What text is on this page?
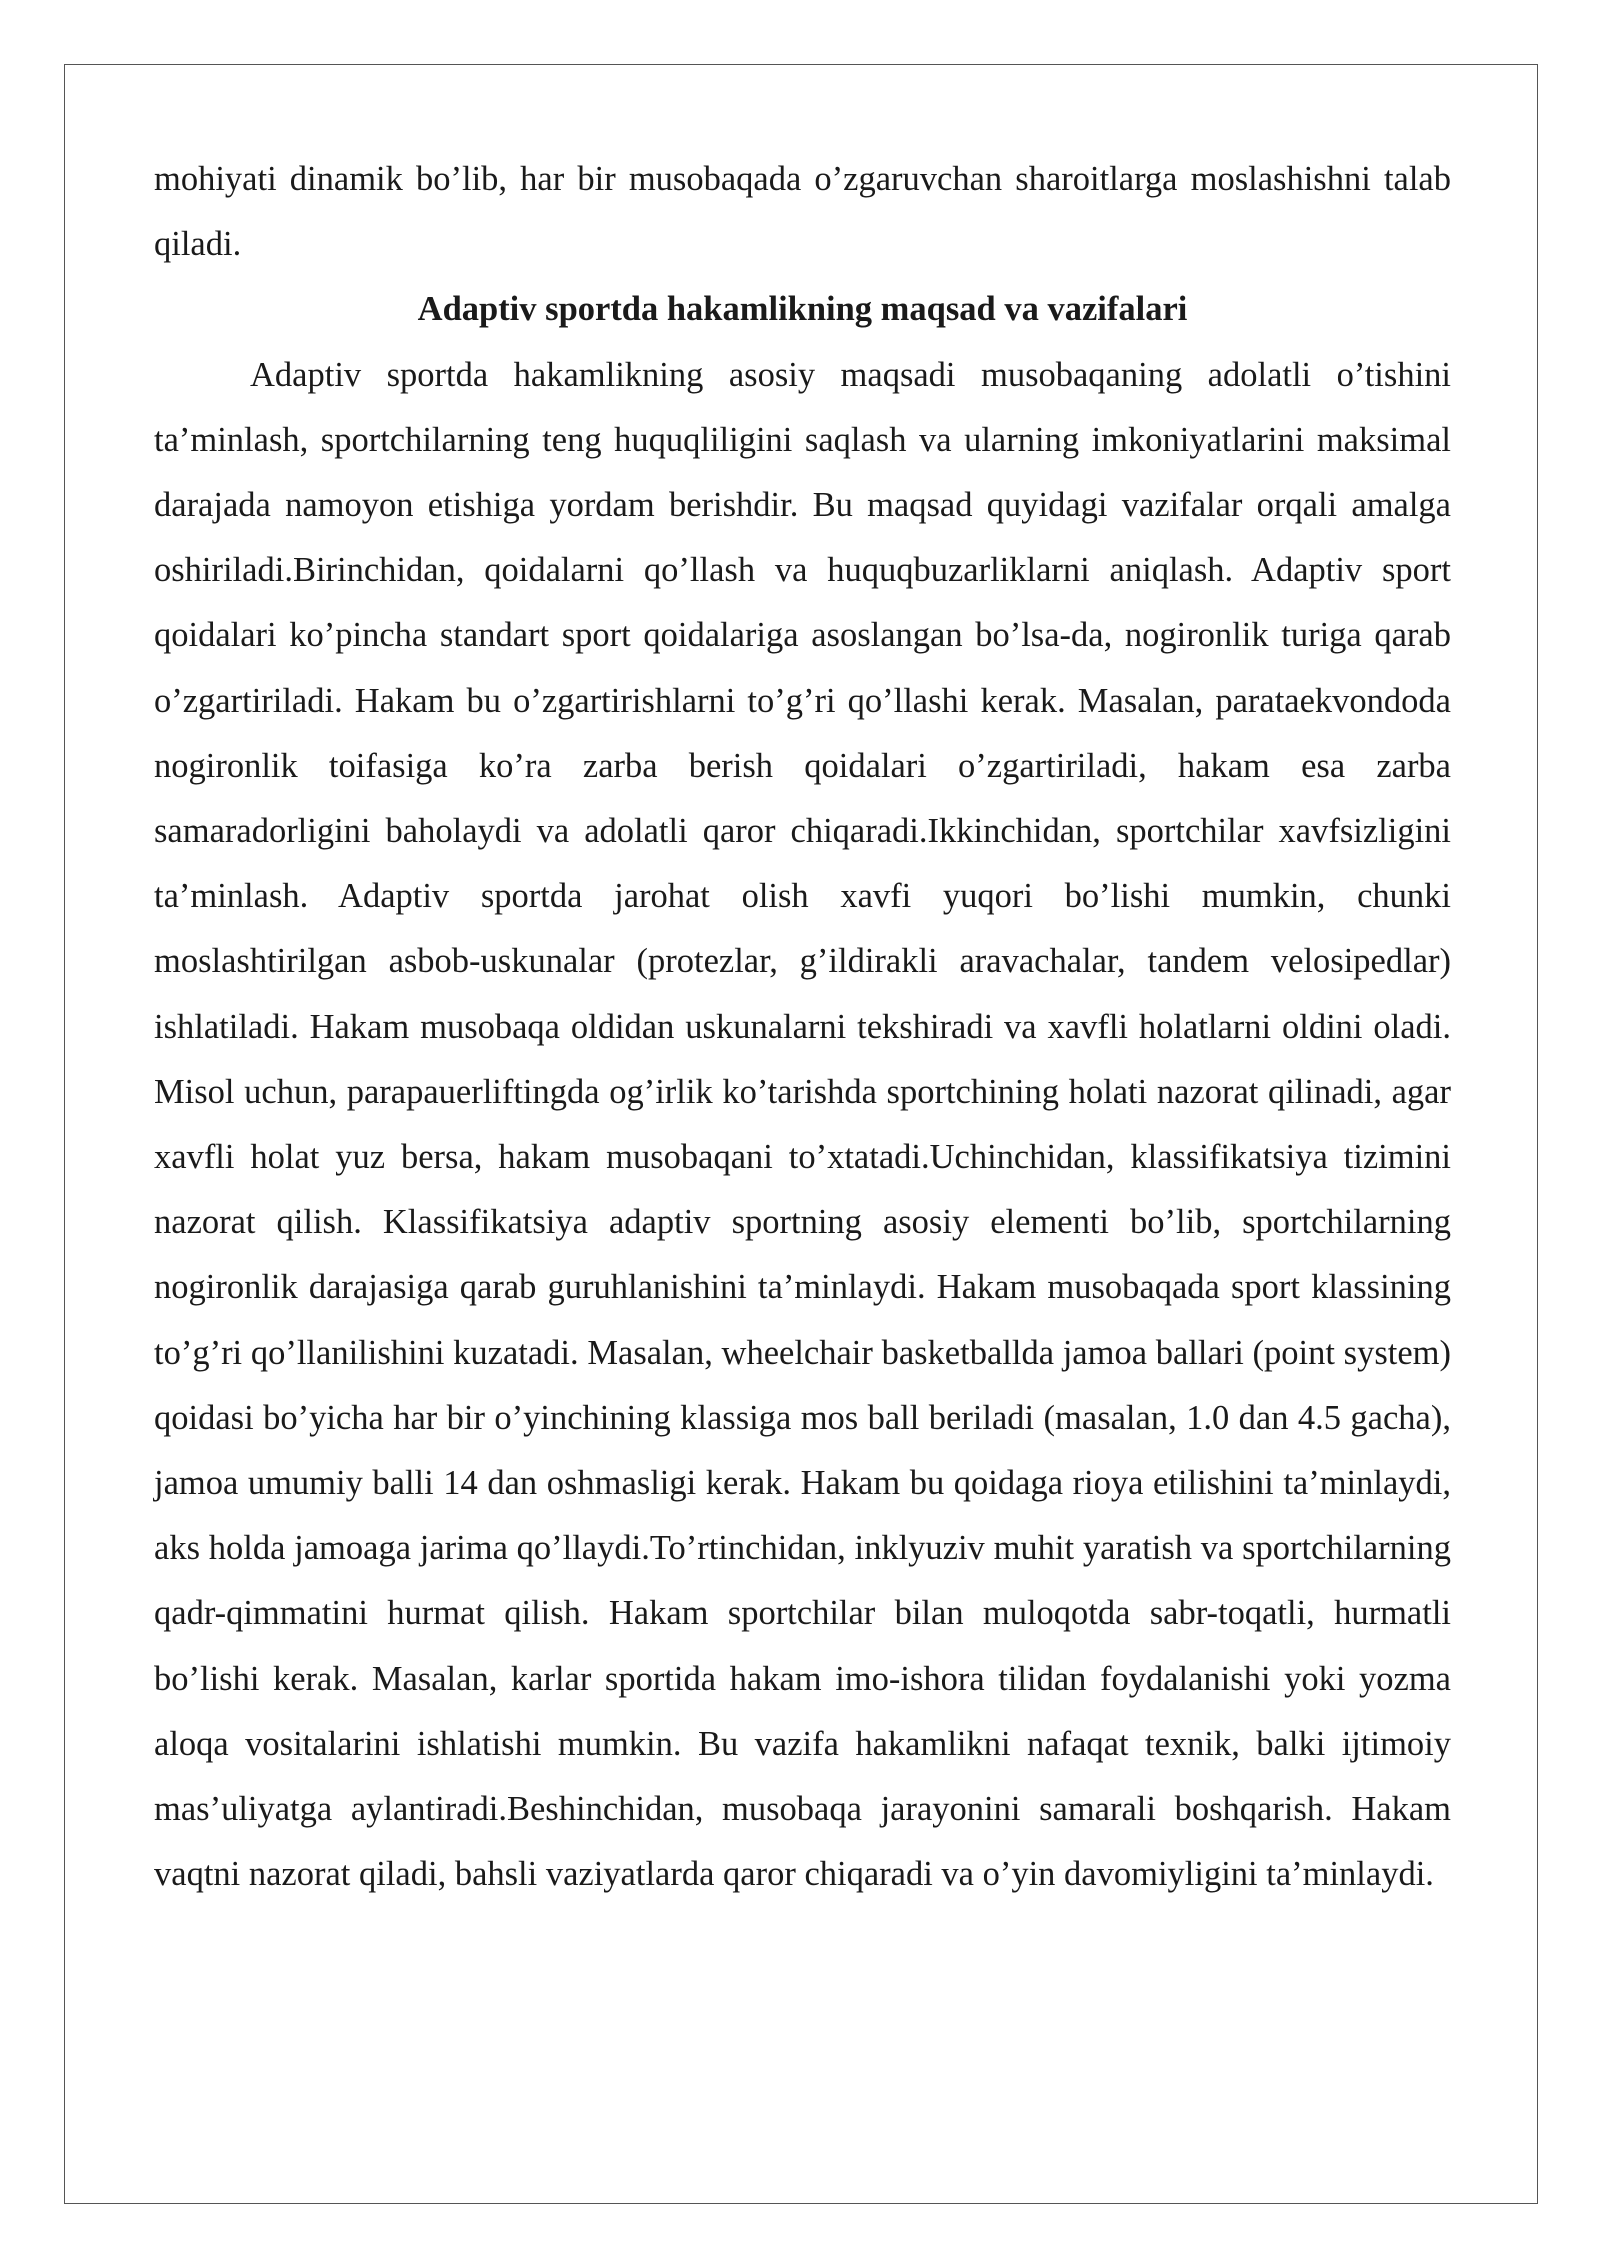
mohiyati dinamik bo’lib, har bir musobaqada o’zgaruvchan sharoitlarga moslashishni talab qiladi.

Adaptiv sportda hakamlikning maqsad va vazifalari

Adaptiv sportda hakamlikning asosiy maqsadi musobaqaning adolatli o’tishini ta’minlash, sportchilarning teng huquqliligini saqlash va ularning imkoniyatlarini maksimal darajada namoyon etishiga yordam berishdir. Bu maqsad quyidagi vazifalar orqali amalga oshiriladi.Birinchidan, qoidalarni qo’llash va huquqbuzarliklarni aniqlash. Adaptiv sport qoidalari ko’pincha standart sport qoidalariga asoslangan bo’lsa-da, nogironlik turiga qarab o’zgartiriladi. Hakam bu o’zgartirishlarni to’g’ri qo’llashi kerak. Masalan, parataekvondoda nogironlik toifasiga ko’ra zarba berish qoidalari o’zgartiriladi, hakam esa zarba samaradorligini baholaydi va adolatli qaror chiqaradi.Ikkinchidan, sportchilar xavfsizligini ta’minlash. Adaptiv sportda jarohat olish xavfi yuqori bo’lishi mumkin, chunki moslashtirilgan asbob-uskunalar (protezlar, g’ildirakli aravachalar, tandem velosipedlar) ishlatiladi. Hakam musobaqa oldidan uskunalarni tekshiradi va xavfli holatlarni oldini oladi. Misol uchun, parapauerliftingda og’irlik ko’tarishda sportchining holati nazorat qilinadi, agar xavfli holat yuz bersa, hakam musobaqani to’xtatadi.Uchinchidan, klassifikatsiya tizimini nazorat qilish. Klassifikatsiya adaptiv sportning asosiy elementi bo’lib, sportchilarning nogironlik darajasiga qarab guruhlanishini ta’minlaydi. Hakam musobaqada sport klassining to’g’ri qo’llanilishini kuzatadi. Masalan, wheelchair basketballda jamoa ballari (point system) qoidasi bo’yicha har bir o’yinchining klassiga mos ball beriladi (masalan, 1.0 dan 4.5 gacha), jamoa umumiy balli 14 dan oshmasligi kerak. Hakam bu qoidaga rioya etilishini ta’minlaydi, aks holda jamoaga jarima qo’llaydi.To’rtinchidan, inklyuziv muhit yaratish va sportchilarning qadr-qimmatini hurmat qilish. Hakam sportchilar bilan muloqotda sabr-toqatli, hurmatli bo’lishi kerak. Masalan, karlar sportida hakam imo-ishora tilidan foydalanishi yoki yozma aloqa vositalarini ishlatishi mumkin. Bu vazifa hakamlikni nafaqat texnik, balki ijtimoiy mas’uliyatga aylantiradi.Beshinchidan, musobaqa jarayonini samarali boshqarish. Hakam vaqtni nazorat qiladi, bahsli vaziyatlarda qaror chiqaradi va o’yin davomiyligini ta’minlaydi.
